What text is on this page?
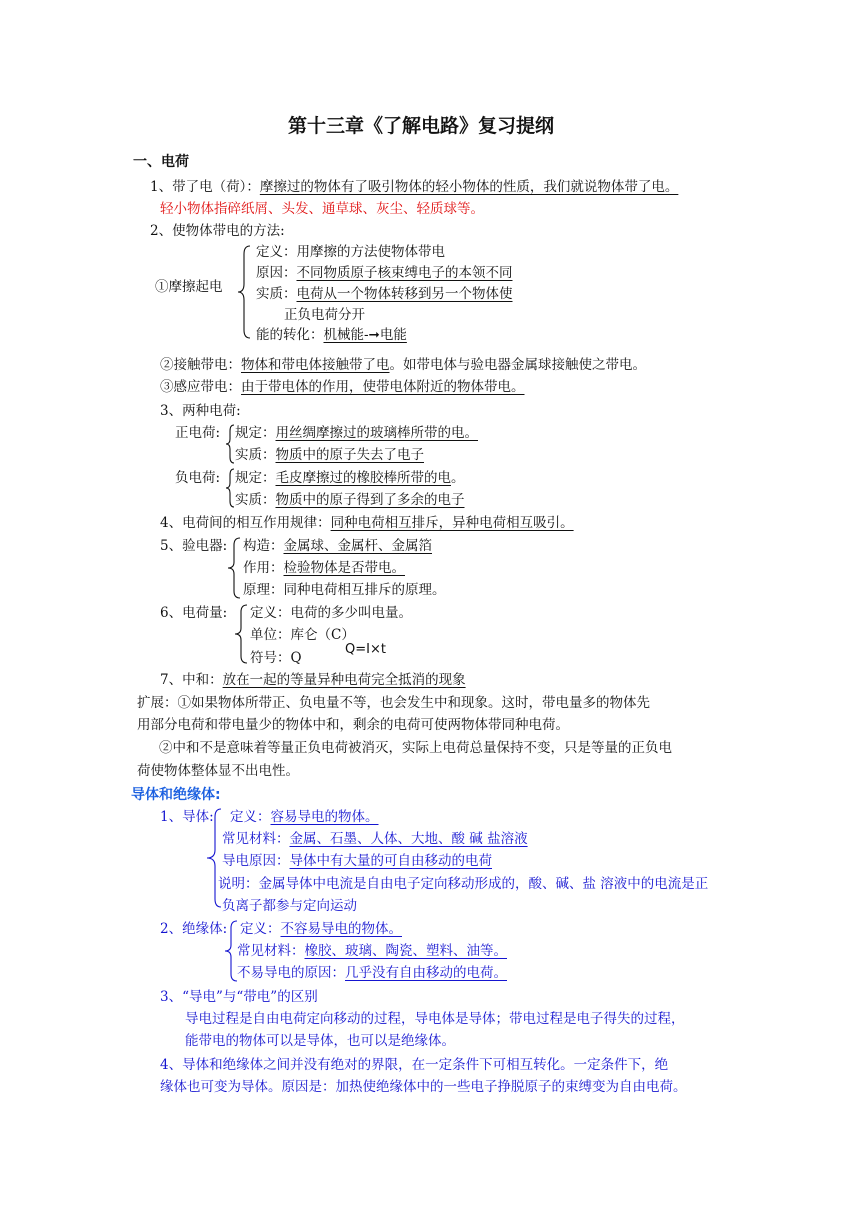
第十三章《了解电路》复习提纲
一、电荷
1、带了电（荷）：摩擦过的物体有了吸引物体的轻小物体的性质，我们就说物体带了电。
轻小物体指碎纸屑、头发、通草球、灰尘、轻质球等。
2、使物体带电的方法:
①摩擦起电
定义：用摩擦的方法使物体带电
原因：不同物质原子核束缚电子的本领不同
实质：电荷从一个物体转移到另一个物体使
正负电荷分开
能的转化：机械能-➞电能
②接触带电：物体和带电体接触带了电。如带电体与验电器金属球接触使之带电。
③感应带电：由于带电体的作用，使带电体附近的物体带电。
3、两种电荷:
正电荷: 规定：用丝绸摩擦过的玻璃棒所带的电。
实质：物质中的原子失去了电子
负电荷: 规定：毛皮摩擦过的橡胶棒所带的电。
实质：物质中的原子得到了多余的电子
4、电荷间的相互作用规律：同种电荷相互排斥，异种电荷相互吸引。
5、验电器: 构造：金属球、金属杆、金属箔
作用：检验物体是否带电。
原理：同种电荷相互排斥的原理。
6、电荷量: 定义：电荷的多少叫电量。
单位：库仑（C）
符号：Q
Q=I×t
7、中和：放在一起的等量异种电荷完全抵消的现象
扩展：①如果物体所带正、负电量不等，也会发生中和现象。这时，带电量多的物体先
用部分电荷和带电量少的物体中和，剩余的电荷可使两物体带同种电荷。
②中和不是意味着等量正负电荷被消灭，实际上电荷总量保持不变，只是等量的正负电
荷使物体整体显不出电性。
导体和绝缘体:
1、导体: 定义：容易导电的物体。
常见材料：金属、石墨、人体、大地、酸 碱 盐溶液
导电原因：导体中有大量的可自由移动的电荷
说明：金属导体中电流是自由电子定向移动形成的，酸、碱、盐 溶液中的电流是正
负离子都参与定向运动
2、绝缘体: 定义：不容易导电的物体。
常见材料：橡胶、玻璃、陶瓷、塑料、油等。
不易导电的原因：几乎没有自由移动的电荷。
3、“导电”与“带电”的区别
导电过程是自由电荷定向移动的过程，导电体是导体；带电过程是电子得失的过程，
能带电的物体可以是导体，也可以是绝缘体。
4、导体和绝缘体之间并没有绝对的界限，在一定条件下可相互转化。一定条件下，绝
缘体也可变为导体。原因是：加热使绝缘体中的一些电子挣脱原子的束缚变为自由电荷。
